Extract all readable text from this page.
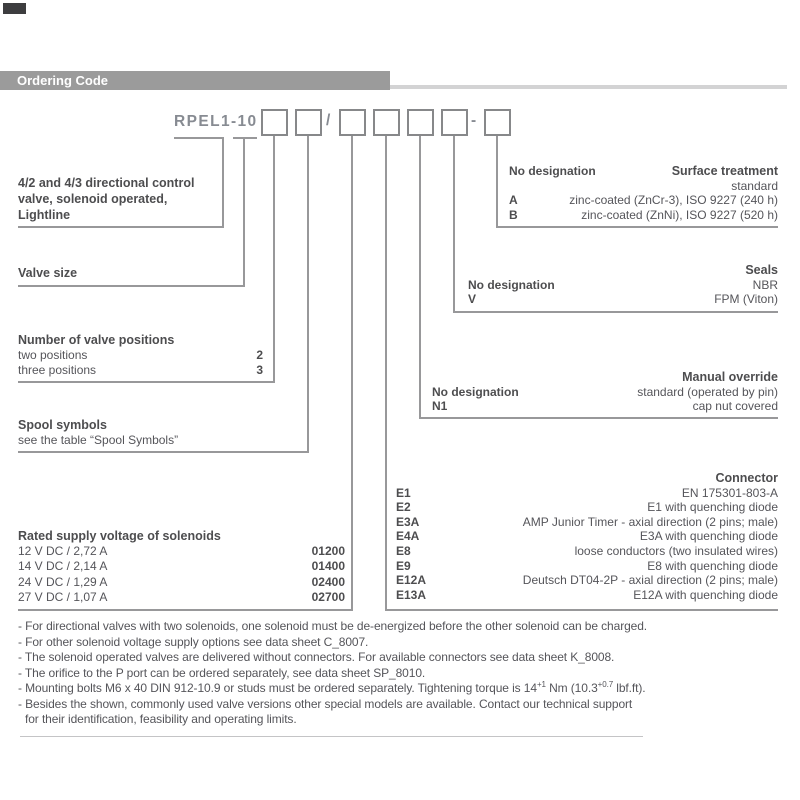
Ordering Code
RPEL1-10	/	-
4/2 and 4/3 directional control
valve, solenoid operated,
Lightline
Valve size
Number of valve positions
two positions	2
three positions	3
Spool symbols
see the table “Spool Symbols”
Rated supply voltage of solenoids
12 V DC / 2,72 A	01200
14 V DC / 2,14 A	01400
24 V DC / 1,29 A	02400
27 V DC / 1,07 A	02700
No designation	Surface treatment
standard
A	zinc-coated (ZnCr-3), ISO 9227 (240 h)
B	zinc-coated (ZnNi), ISO 9227 (520 h)
Seals
No designation	NBR
V	FPM (Viton)
Manual override
No designation	standard (operated by pin)
N1	cap nut covered
Connector
E1	EN 175301-803-A
E2	E1 with quenching diode
E3A	AMP Junior Timer - axial direction (2 pins; male)
E4A	E3A with quenching diode
E8	loose conductors (two insulated wires)
E9	E8 with quenching diode
E12A	Deutsch DT04-2P - axial direction (2 pins; male)
E13A	E12A with quenching diode
- For directional valves with two solenoids, one solenoid must be de-energized before the other solenoid can be charged.
- For other solenoid voltage supply options see data sheet C_8007.
- The solenoid operated valves are delivered without connectors. For available connectors see data sheet K_8008.
- The orifice to the P port can be ordered separately, see data sheet SP_8010.
- Mounting bolts M6 x 40 DIN 912-10.9 or studs must be ordered separately. Tightening torque is $14^{+1}$ Nm ($10.3^{+0.7}$ lbf.ft).
- Besides the shown, commonly used valve versions other special models are available. Contact our technical support
for their identification, feasibility and operating limits.
